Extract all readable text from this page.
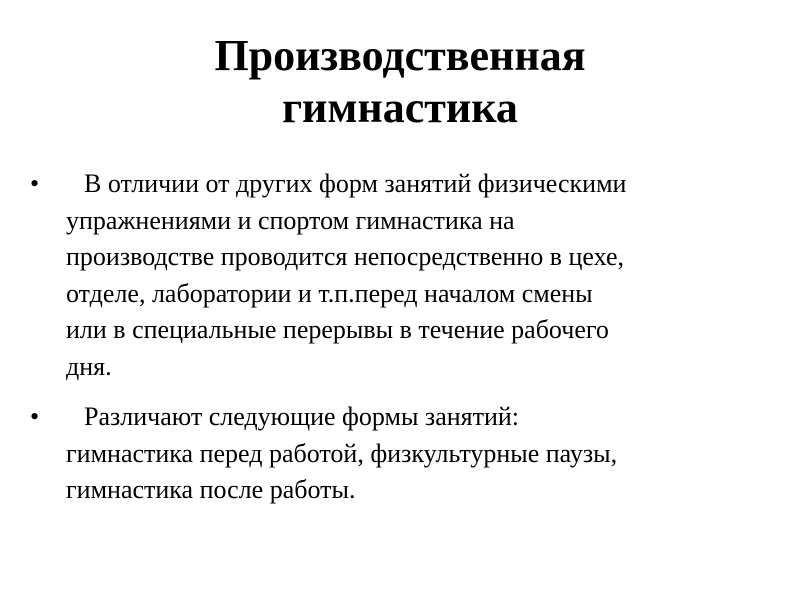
Производственная
гимнастика
•	В отличии от других форм занятий физическими
упражнениями и спортом гимнастика на
производстве проводится непосредственно в цехе,
отделе, лаборатории и т.п.перед началом смены
или в специальные перерывы в течение рабочего
дня.
•	Различают следующие формы занятий:
гимнастика перед работой, физкультурные паузы,
гимнастика после работы.
